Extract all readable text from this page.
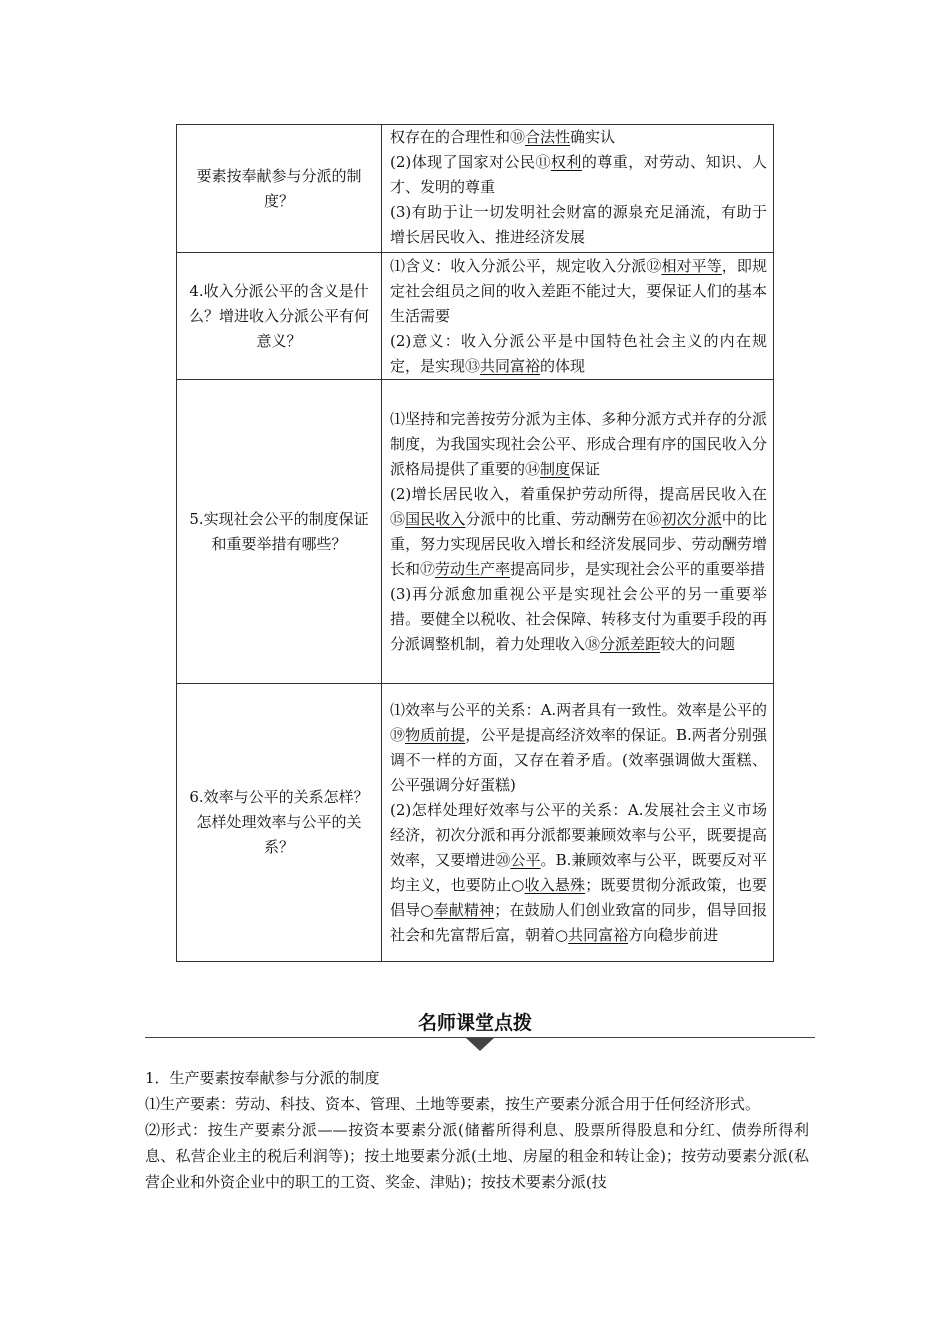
要素按奉献参与分派的制度？	权存在的合理性和⑩合法性确实认
(2)体现了国家对公民⑪权利的尊重，对劳动、知识、人才、发明的尊重
(3)有助于让一切发明社会财富的源泉充足涌流，有助于增长居民收入、推进经济发展

4.收入分派公平的含义是什么？增进收入分派公平有何意义？	⑴含义：收入分派公平，规定收入分派⑫相对平等，即规定社会组员之间的收入差距不能过大，要保证人们的基本生活需要
(2)意义：收入分派公平是中国特色社会主义的内在规定，是实现⑬共同富裕的体现

5.实现社会公平的制度保证和重要举措有哪些？	⑴坚持和完善按劳分派为主体、多种分派方式并存的分派制度，为我国实现社会公平、形成合理有序的国民收入分派格局提供了重要的⑭制度保证
(2)增长居民收入，着重保护劳动所得，提高居民收入在⑮国民收入分派中的比重、劳动酬劳在⑯初次分派中的比重，努力实现居民收入增长和经济发展同步、劳动酬劳增长和⑰劳动生产率提高同步，是实现社会公平的重要举措
(3)再分派愈加重视公平是实现社会公平的另一重要举措。要健全以税收、社会保障、转移支付为重要手段的再分派调整机制，着力处理收入⑱分派差距较大的问题

6.效率与公平的关系怎样？怎样处理效率与公平的关系？	⑴效率与公平的关系：A.两者具有一致性。效率是公平的⑲物质前提，公平是提高经济效率的保证。B.两者分别强调不一样的方面，又存在着矛盾。(效率强调做大蛋糕、公平强调分好蛋糕)
(2)怎样处理好效率与公平的关系：A.发展社会主义市场经济，初次分派和再分派都要兼顾效率与公平，既要提高效率，又要增进⑳公平。B.兼顾效率与公平，既要反对平均主义，也要防止○收入悬殊；既要贯彻分派政策，也要倡导○奉献精神；在鼓励人们创业致富的同步，倡导回报社会和先富帮后富，朝着○共同富裕方向稳步前进
名师课堂点拨

1．生产要素按奉献参与分派的制度

⑴生产要素：劳动、科技、资本、管理、土地等要素，按生产要素分派合用于任何经济形式。

⑵形式：按生产要素分派——按资本要素分派(储蓄所得利息、股票所得股息和分红、债券所得利息、私营企业主的税后利润等)；按土地要素分派(土地、房屋的租金和转让金)；按劳动要素分派(私营企业和外资企业中的职工的工资、奖金、津贴)；按技术要素分派(技
